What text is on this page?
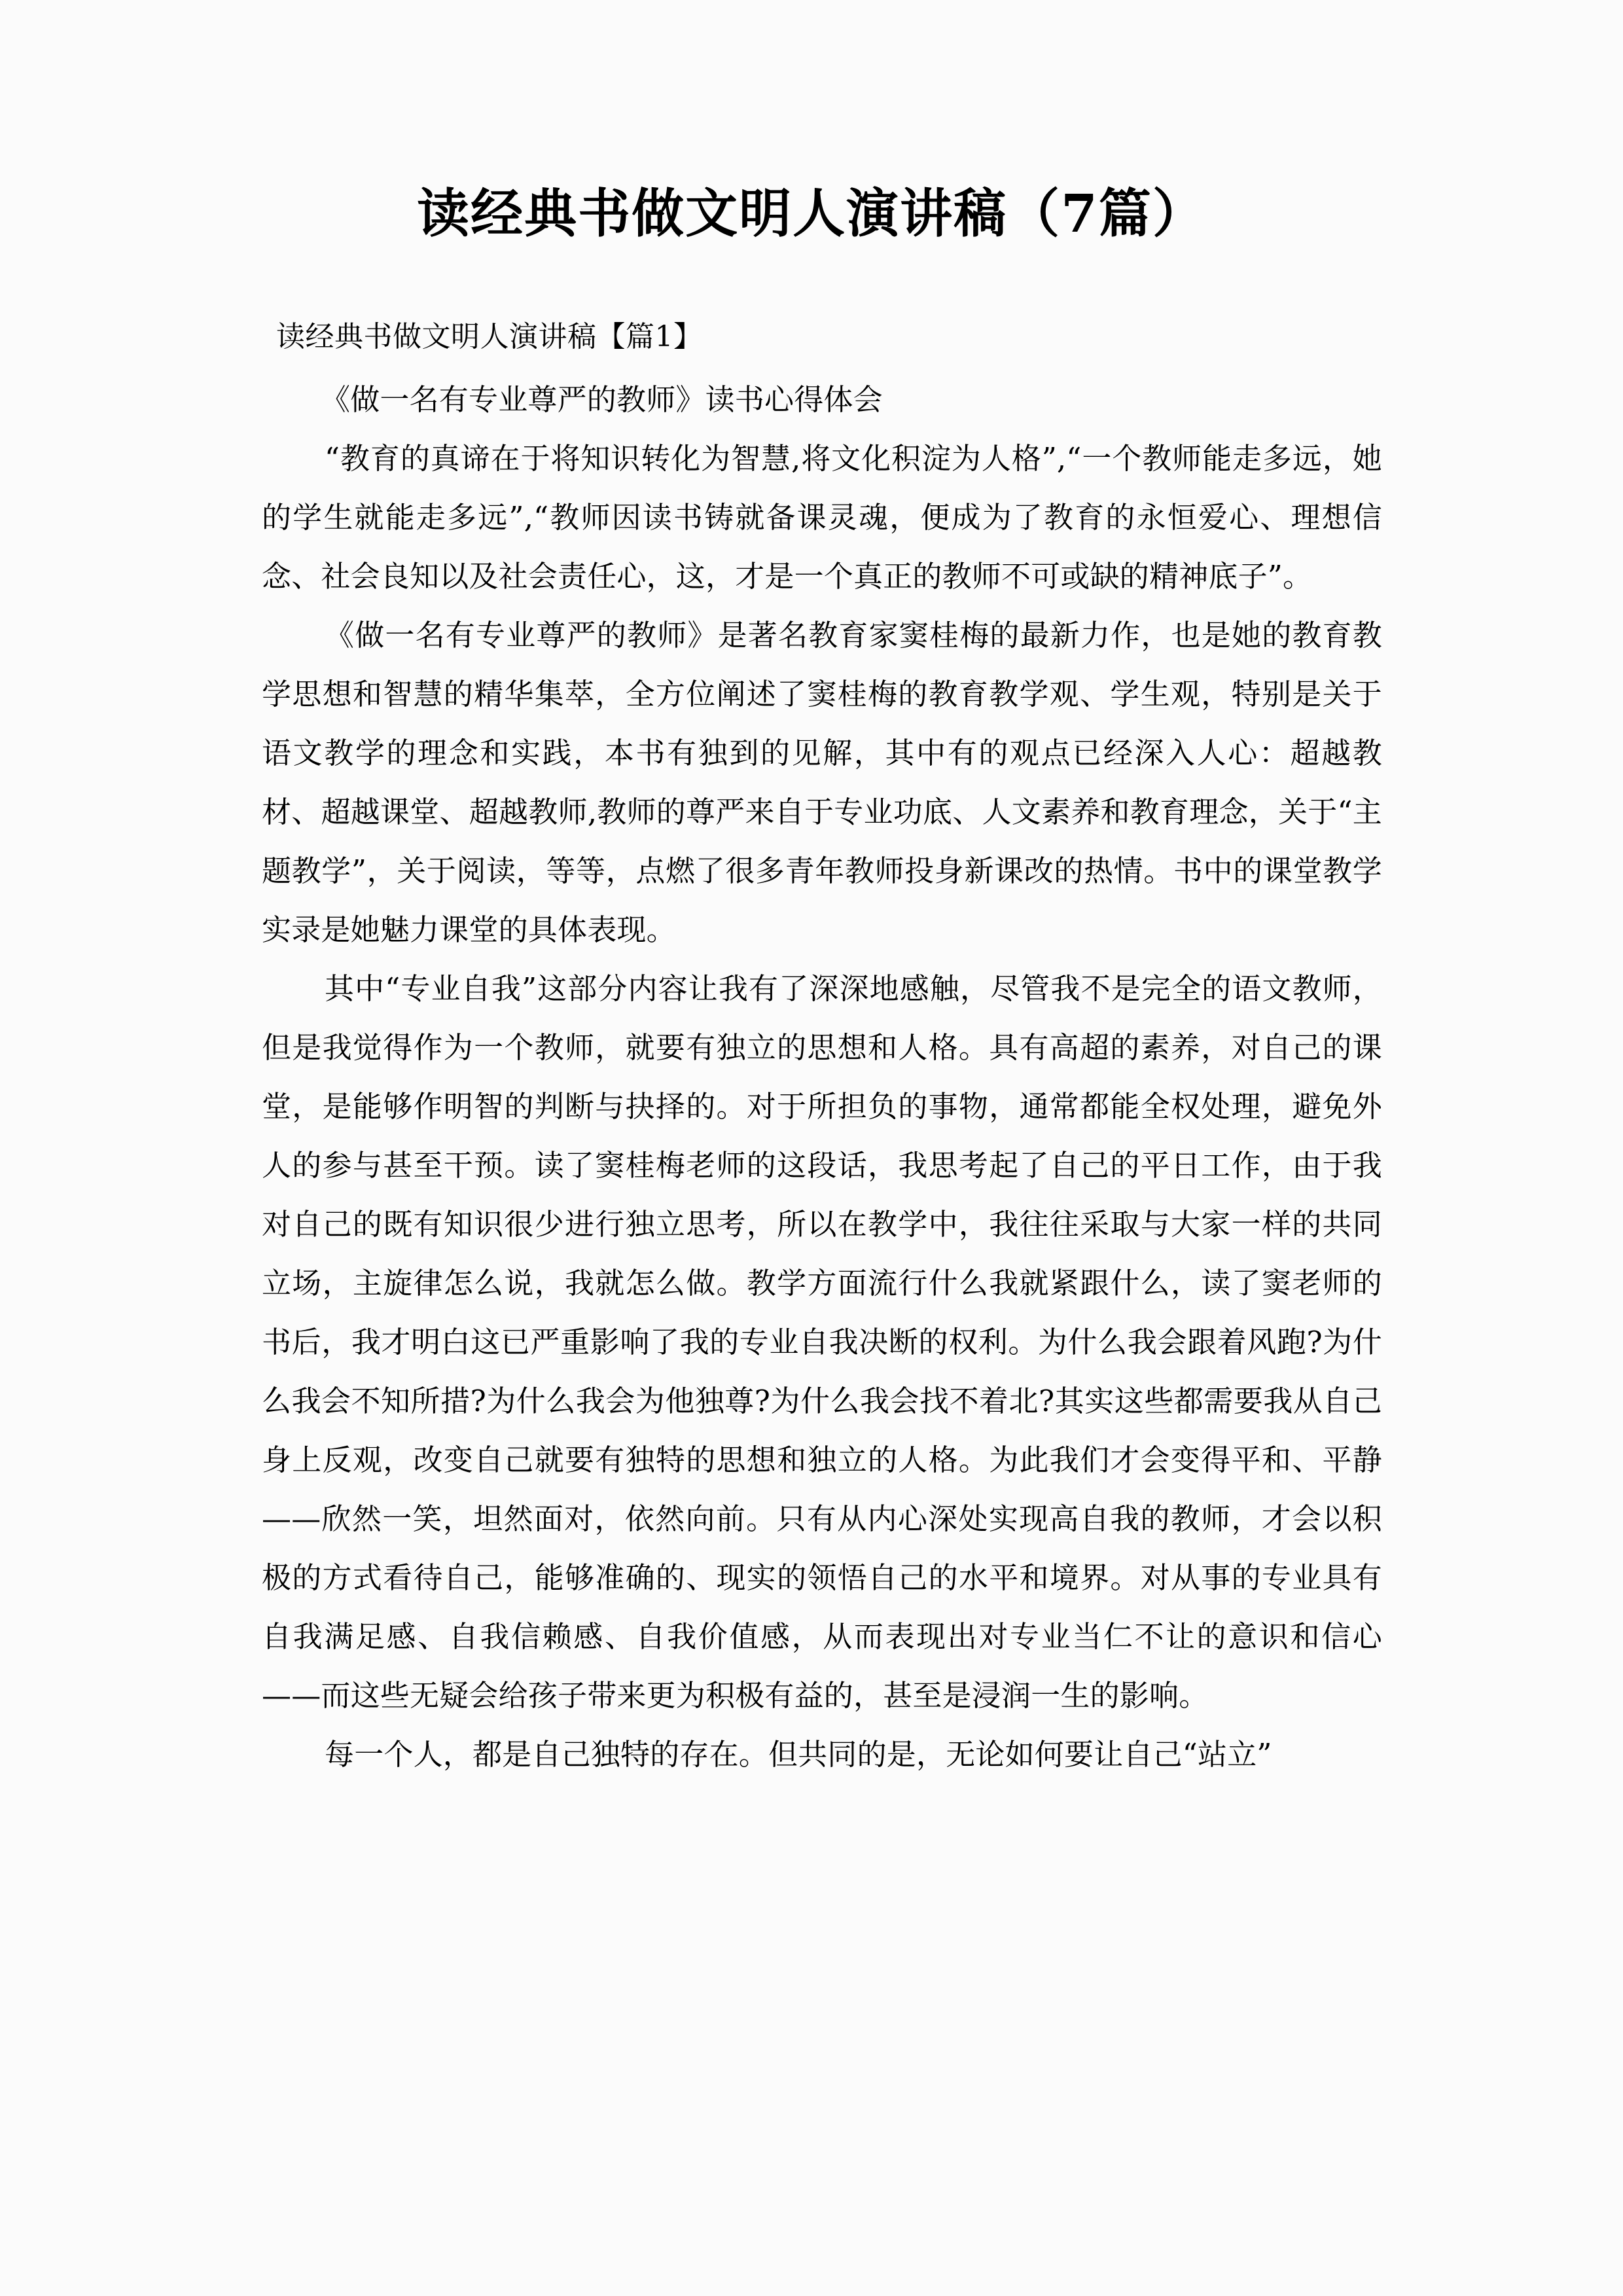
读经典书做文明人演讲稿（7篇）
读经典书做文明人演讲稿【篇1】

《做一名有专业尊严的教师》读书心得体会

“教育的真谛在于将知识转化为智慧,将文化积淀为人格”,“一个教师能走多远，她的学生就能走多远”,“教师因读书铸就备课灵魂，便成为了教育的永恒爱心、理想信念、社会良知以及社会责任心，这，才是一个真正的教师不可或缺的精神底子”。

《做一名有专业尊严的教师》是著名教育家窦桂梅的最新力作，也是她的教育教学思想和智慧的精华集萃，全方位阐述了窦桂梅的教育教学观、学生观，特别是关于语文教学的理念和实践，本书有独到的见解，其中有的观点已经深入人心：超越教材、超越课堂、超越教师,教师的尊严来自于专业功底、人文素养和教育理念，关于“主题教学”，关于阅读，等等，点燃了很多青年教师投身新课改的热情。书中的课堂教学实录是她魅力课堂的具体表现。

其中“专业自我”这部分内容让我有了深深地感触，尽管我不是完全的语文教师，但是我觉得作为一个教师，就要有独立的思想和人格。具有高超的素养，对自己的课堂，是能够作明智的判断与抉择的。对于所担负的事物，通常都能全权处理，避免外人的参与甚至干预。读了窦桂梅老师的这段话，我思考起了自己的平日工作，由于我对自己的既有知识很少进行独立思考，所以在教学中，我往往采取与大家一样的共同立场，主旋律怎么说，我就怎么做。教学方面流行什么我就紧跟什么，读了窦老师的书后，我才明白这已严重影响了我的专业自我决断的权利。为什么我会跟着风跑?为什么我会不知所措?为什么我会为他独尊?为什么我会找不着北?其实这些都需要我从自己身上反观，改变自己就要有独特的思想和独立的人格。为此我们才会变得平和、平静——欣然一笑，坦然面对，依然向前。只有从内心深处实现高自我的教师，才会以积极的方式看待自己，能够准确的、现实的领悟自己的水平和境界。对从事的专业具有自我满足感、自我信赖感、自我价值感，从而表现出对专业当仁不让的意识和信心——而这些无疑会给孩子带来更为积极有益的，甚至是浸润一生的影响。

每一个人，都是自己独特的存在。但共同的是，无论如何要让自己“站立”
